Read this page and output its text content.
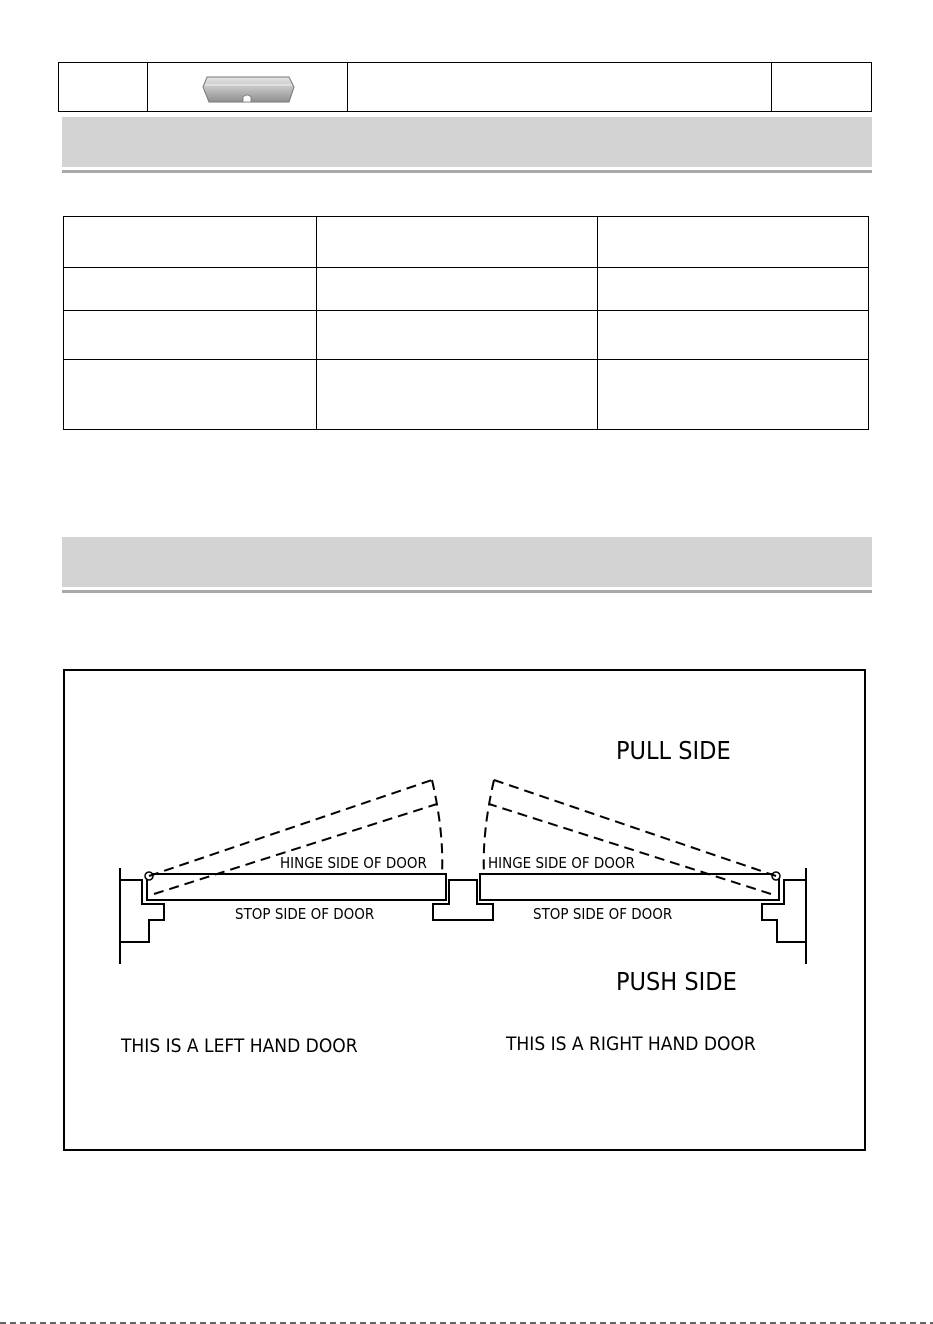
PULL SIDE
PUSH SIDE
HINGE SIDE OF DOOR
STOP SIDE OF DOOR
HINGE SIDE OF DOOR
STOP SIDE OF DOOR
THIS IS A LEFT HAND DOOR	THIS IS A RIGHT HAND DOOR
